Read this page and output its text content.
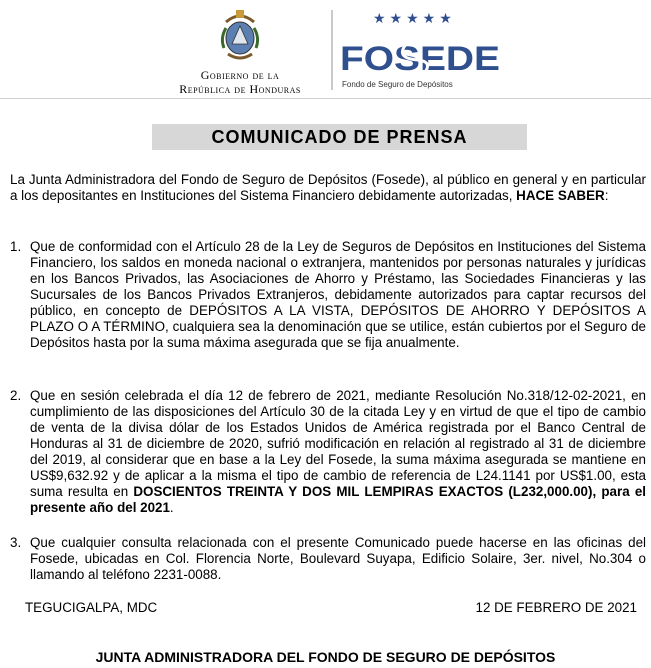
Gobierno de la
República de Honduras
★★★★★
FOSEDE
Fondo de Seguro de Depósitos
COMUNICADO DE PRENSA
La Junta Administradora del Fondo de Seguro de Depósitos (Fosede), al público en general y en particular a los depositantes en Instituciones del Sistema Financiero debidamente autorizadas, HACE SABER:
1. Que de conformidad con el Artículo 28 de la Ley de Seguros de Depósitos en Instituciones del Sistema Financiero, los saldos en moneda nacional o extranjera, mantenidos por personas naturales y jurídicas en los Bancos Privados, las Asociaciones de Ahorro y Préstamo, las Sociedades Financieras y las Sucursales de los Bancos Privados Extranjeros, debidamente autorizados para captar recursos del público, en concepto de DEPÓSITOS A LA VISTA, DEPÓSITOS DE AHORRO Y DEPÓSITOS A PLAZO O A TÉRMINO, cualquiera sea la denominación que se utilice, están cubiertos por el Seguro de Depósitos hasta por la suma máxima asegurada que se fija anualmente.
2. Que en sesión celebrada el día 12 de febrero de 2021, mediante Resolución No.318/12-02-2021, en cumplimiento de las disposiciones del Artículo 30 de la citada Ley y en virtud de que el tipo de cambio de venta de la divisa dólar de los Estados Unidos de América registrada por el Banco Central de Honduras al 31 de diciembre de 2020, sufrió modificación en relación al registrado al 31 de diciembre del 2019, al considerar que en base a la Ley del Fosede, la suma máxima asegurada se mantiene en US$9,632.92 y de aplicar a la misma el tipo de cambio de referencia de L24.1141 por US$1.00, esta suma resulta en DOSCIENTOS TREINTA Y DOS MIL LEMPIRAS EXACTOS (L232,000.00), para el presente año del 2021.
3. Que cualquier consulta relacionada con el presente Comunicado puede hacerse en las oficinas del Fosede, ubicadas en Col. Florencia Norte, Boulevard Suyapa, Edificio Solaire, 3er. nivel, No.304 o llamando al teléfono 2231-0088.
TEGUCIGALPA, MDC	12 DE FEBRERO DE 2021
JUNTA ADMINISTRADORA DEL FONDO DE SEGURO DE DEPÓSITOS
